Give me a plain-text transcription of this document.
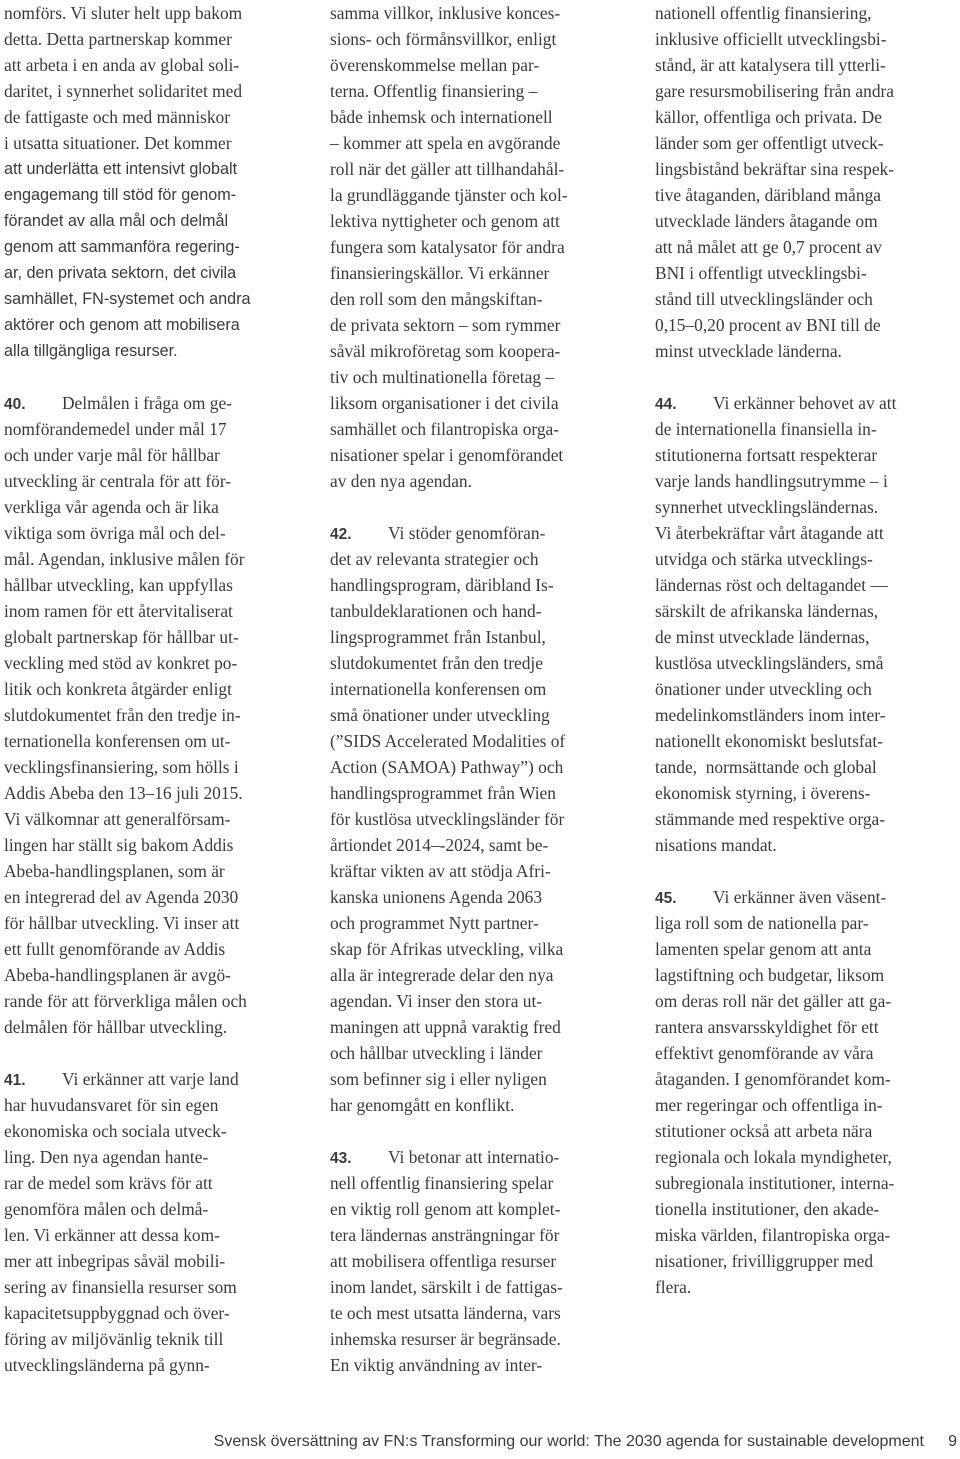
nomförs. Vi sluter helt upp bakom
detta. Detta partnerskap kommer
att arbeta i en anda av global soli-
daritet, i synnerhet solidaritet med
de fattigaste och med människor
i utsatta situationer. Det kommer
att underlätta ett intensivt globalt
engagemang till stöd för genom-
förandet av alla mål och delmål
genom att sammanföra regering-
ar, den privata sektorn, det civila
samhället, FN-systemet och andra
aktörer och genom att mobilisera
alla tillgängliga resurser.
40. Delmålen i fråga om ge-
nomförandemedel under mål 17
och under varje mål för hållbar
utveckling är centrala för att för-
verkliga vår agenda och är lika
viktiga som övriga mål och del-
mål. Agendan, inklusive målen för
hållbar utveckling, kan uppfyllas
inom ramen för ett återvitaliserat
globalt partnerskap för hållbar ut-
veckling med stöd av konkret po-
litik och konkreta åtgärder enligt
slutdokumentet från den tredje in-
ternationella konferensen om ut-
vecklingsfinansiering, som hölls i
Addis Abeba den 13–16 juli 2015.
Vi välkomnar att generalförsam-
lingen har ställt sig bakom Addis
Abeba-handlingsplanen, som är
en integrerad del av Agenda 2030
för hållbar utveckling. Vi inser att
ett fullt genomförande av Addis
Abeba-handlingsplanen är avgö-
rande för att förverkliga målen och
delmålen för hållbar utveckling.
41. Vi erkänner att varje land
har huvudansvaret för sin egen
ekonomiska och sociala utveck-
ling. Den nya agendan hante-
rar de medel som krävs för att
genomföra målen och delmå-
len. Vi erkänner att dessa kom-
mer att inbegripas såväl mobili-
sering av finansiella resurser som
kapacitetsuppbyggnad och över-
föring av miljövänlig teknik till
utvecklingsländerna på gynn-
samma villkor, inklusive konces-
sions- och förmånsvillkor, enligt
överenskommelse mellan par-
terna. Offentlig finansiering –
både inhemsk och internationell
– kommer att spela en avgörande
roll när det gäller att tillhandahål-
la grundläggande tjänster och kol-
lektiva nyttigheter och genom att
fungera som katalysator för andra
finansieringskällor. Vi erkänner
den roll som den mångskiftan-
de privata sektorn – som rymmer
såväl mikroföretag som koopera-
tiv och multinationella företag –
liksom organisationer i det civila
samhället och filantropiska orga-
nisationer spelar i genomförandet
av den nya agendan.
42. Vi stöder genomföran-
det av relevanta strategier och
handlingsprogram, däribland Is-
tanbuldeklarationen och hand-
lingsprogrammet från Istanbul,
slutdokumentet från den tredje
internationella konferensen om
små önationer under utveckling
(”SIDS Accelerated Modalities of
Action (SAMOA) Pathway”) och
handlingsprogrammet från Wien
för kustlösa utvecklingsländer för
årtiondet 2014–-2024, samt be-
kräftar vikten av att stödja Afri-
kanska unionens Agenda 2063
och programmet Nytt partner-
skap för Afrikas utveckling, vilka
alla är integrerade delar den nya
agendan. Vi inser den stora ut-
maningen att uppnå varaktig fred
och hållbar utveckling i länder
som befinner sig i eller nyligen
har genomgått en konflikt.
43. Vi betonar att internatio-
nell offentlig finansiering spelar
en viktig roll genom att komplet-
tera ländernas ansträngningar för
att mobilisera offentliga resurser
inom landet, särskilt i de fattigas-
te och mest utsatta länderna, vars
inhemska resurser är begränsade.
En viktig användning av inter-
nationell offentlig finansiering,
inklusive officiellt utvecklingsbi-
stånd, är att katalysera till ytterli-
gare resursmobilisering från andra
källor, offentliga och privata. De
länder som ger offentligt utveck-
lingsbistånd bekräftar sina respek-
tive åtaganden, däribland många
utvecklade länders åtagande om
att nå målet att ge 0,7 procent av
BNI i offentligt utvecklingsbi-
stånd till utvecklingsländer och
0,15–0,20 procent av BNI till de
minst utvecklade länderna.
44. Vi erkänner behovet av att
de internationella finansiella in-
stitutionerna fortsatt respekterar
varje lands handlingsutrymme – i
synnerhet utvecklingsländernas.
Vi återbekräftar vårt åtagande att
utvidga och stärka utvecklings-
ländernas röst och deltagandet —
särskilt de afrikanska ländernas,
de minst utvecklade ländernas,
kustlösa utvecklingsländers, små
önationer under utveckling och
medelinkomstländers inom inter-
nationellt ekonomiskt beslutsfat-
tande,  normsättande och global
ekonomisk styrning, i överens-
stämmande med respektive orga-
nisations mandat.
45. Vi erkänner även väsent-
liga roll som de nationella par-
lamenten spelar genom att anta
lagstiftning och budgetar, liksom
om deras roll när det gäller att ga-
rantera ansvarsskyldighet för ett
effektivt genomförande av våra
åtaganden. I genomförandet kom-
mer regeringar och offentliga in-
stitutioner också att arbeta nära
regionala och lokala myndigheter,
subregionala institutioner, interna-
tionella institutioner, den akade-
miska världen, filantropiska orga-
nisationer, frivilliggrupper med
flera.
Svensk översättning av FN:s Transforming our world: The 2030 agenda for sustainable development 9
